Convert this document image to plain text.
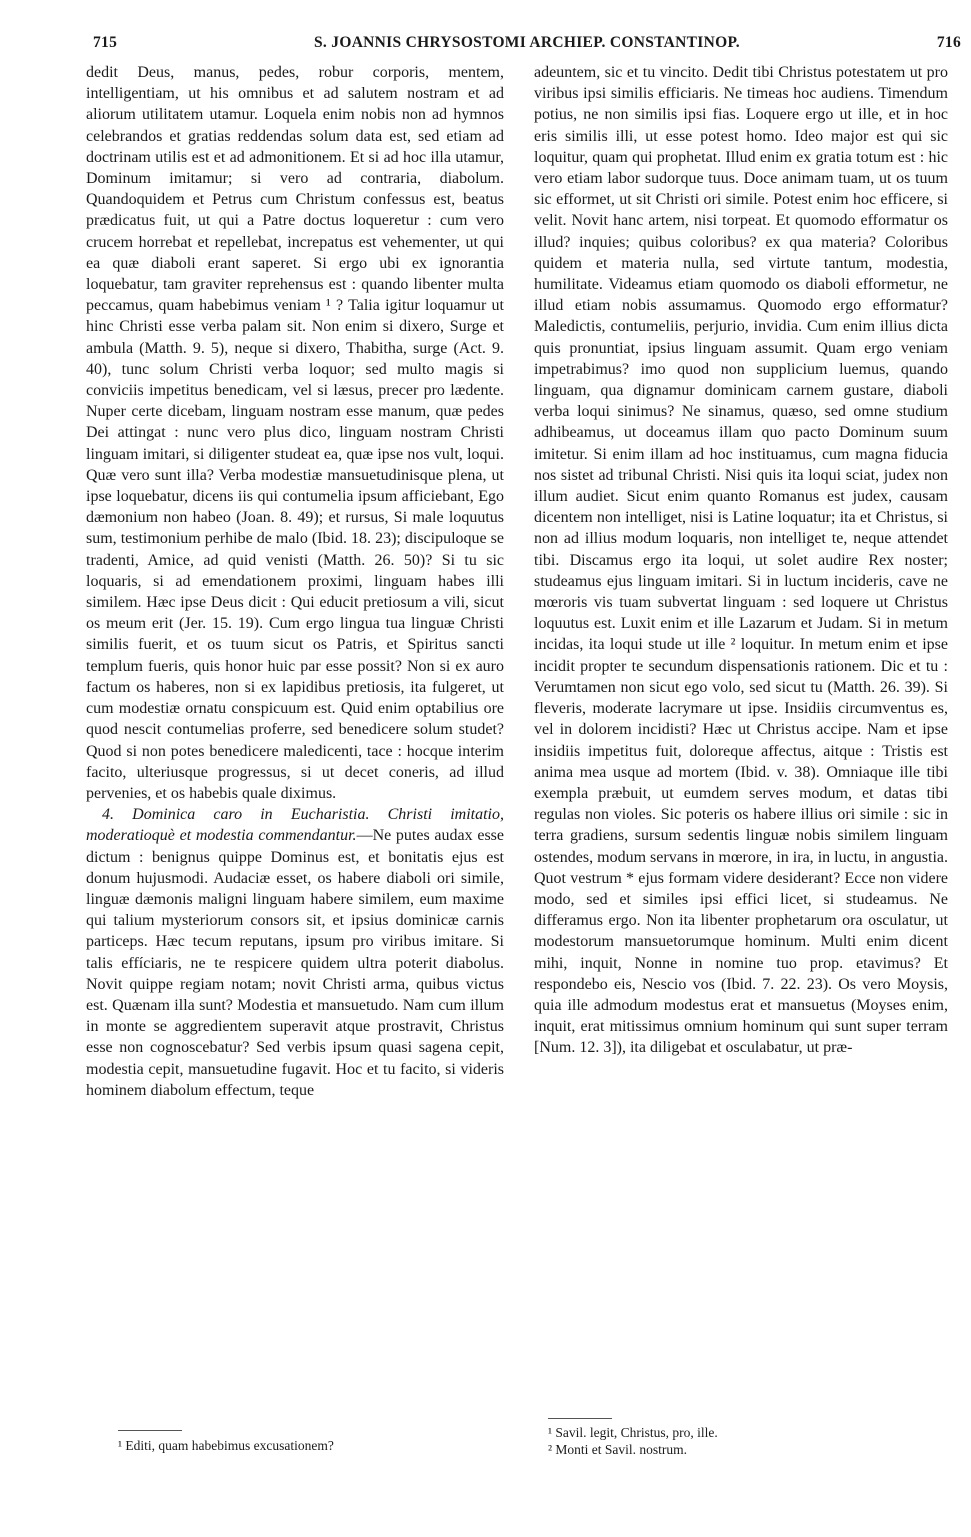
715	S. JOANNIS CHRYSOSTOMI ARCHIEP. CONSTANTINOP.	716

dedit Deus, manus, pedes, robur corporis, mentem, intelligentiam, ut his omnibus et ad salutem nostram et ad aliorum utilitatem utamur. Loquela enim nobis non ad hymnos celebrandos et gratias reddendas solum data est, sed etiam ad doctrinam utilis est et ad admonitionem. Et si ad hoc illa utamur, Dominum imitamur; si vero ad contraria, diabolum. Quandoquidem et Petrus cum Christum confessus est, beatus prædicatus fuit, ut qui a Patre doctus loqueretur : cum vero crucem horrebat et repellebat, increpatus est vehementer, ut qui ea quæ diaboli erant saperet. Si ergo ubi ex ignorantia loquebatur, tam graviter reprehensus est : quando libenter multa peccamus, quam habebimus veniam ¹ ? Talia igitur loquamur ut hinc Christi esse verba palam sit. Non enim si dixero, Surge et ambula (Matth. 9. 5), neque si dixero, Thabitha, surge (Act. 9. 40), tunc solum Christi verba loquor; sed multo magis si conviciis impetitus benedicam, vel si læsus, precer pro lædente. Nuper certe dicebam, linguam nostram esse manum, quæ pedes Dei attingat : nunc vero plus dico, linguam nostram Christi linguam imitari, si diligenter studeat ea, quæ ipse nos vult, loqui. Quæ vero sunt illa? Verba modestiæ mansuetudinisque plena, ut ipse loquebatur, dicens iis qui contumelia ipsum afficiebant, Ego dæmonium non habeo (Joan. 8. 49); et rursus, Si male loquutus sum, testimonium perhibe de malo (Ibid. 18. 23); discipuloque se tradenti, Amice, ad quid venisti (Matth. 26. 50)? Si tu sic loquaris, si ad emendationem proximi, linguam habes illi similem. Hæc ipse Deus dicit : Qui educit pretiosum a vili, sicut os meum erit (Jer. 15. 19). Cum ergo lingua tua linguæ Christi similis fuerit, et os tuum sicut os Patris, et Spiritus sancti templum fueris, quis honor huic par esse possit? Non si ex auro factum os haberes, non si ex lapidibus pretiosis, ita fulgeret, ut cum modestiæ ornatu conspicuum est. Quid enim optabilius ore quod nescit contumelias proferre, sed benedicere solum studet? Quod si non potes benedicere maledicenti, tace : hocque interim facito, ulteriusque progressus, si ut decet coneris, ad illud pervenies, et os habebis quale diximus.

4. Dominica caro in Eucharistia. Christi imitatio, moderatioquè et modestia commendantur.—Ne putes audax esse dictum : benignus quippe Dominus est, et bonitatis ejus est donum hujusmodi. Audaciæ esset, os habere diaboli ori simile, linguæ dæmonis maligni linguam habere similem, eum maxime qui talium mysteriorum consors sit, et ipsius dominicæ carnis particeps. Hæc tecum reputans, ipsum pro viribus imitare. Si talis effíciaris, ne te respicere quidem ultra poterit diabolus. Novit quippe regiam notam; novit Christi arma, quibus victus est. Quænam illa sunt? Modestia et mansuetudo. Nam cum illum in monte se aggredientem superavit atque prostravit, Christus esse non cognoscebatur? Sed verbis ipsum quasi sagena cepit, modestia cepit, mansuetudine fugavit. Hoc et tu facito, si videris hominem diabolum effectum, teque

adeuntem, sic et tu vincito. Dedit tibi Christus potestatem ut pro viribus ipsi similis efficiaris. Ne timeas hoc audiens. Timendum potius, ne non similis ipsi fias. Loquere ergo ut ille, et in hoc eris similis illi, ut esse potest homo. Ideo major est qui sic loquitur, quam qui prophetat. Illud enim ex gratia totum est : hic vero etiam labor sudorque tuus. Doce animam tuam, ut os tuum sic efformet, ut sit Christi ori simile. Potest enim hoc efficere, si velit. Novit hanc artem, nisi torpeat. Et quomodo efformatur os illud? inquies; quibus coloribus? ex qua materia? Coloribus quidem et materia nulla, sed virtute tantum, modestia, humilitate. Videamus etiam quomodo os diaboli efformetur, ne illud etiam nobis assumamus. Quomodo ergo efformatur? Maledictis, contumeliis, perjurio, invidia. Cum enim illius dicta quis pronuntiat, ipsius linguam assumit. Quam ergo veniam impetrabimus? imo quod non supplicium luemus, quando linguam, qua dignamur dominicam carnem gustare, diaboli verba loqui sinimus? Ne sinamus, quæso, sed omne studium adhibeamus, ut doceamus illam quo pacto Dominum suum imitetur. Si enim illam ad hoc instituamus, cum magna fiducia nos sistet ad tribunal Christi. Nisi quis ita loqui sciat, judex non illum audiet. Sicut enim quanto Romanus est judex, causam dicentem non intelliget, nisi is Latine loquatur; ita et Christus, si non ad illius modum loquaris, non intelliget te, neque attendet tibi. Discamus ergo ita loqui, ut solet audire Rex noster; studeamus ejus linguam imitari. Si in luctum incideris, cave ne mœroris vis tuam subvertat linguam : sed loquere ut Christus loquutus est. Luxit enim et ille Lazarum et Judam. Si in metum incidas, ita loqui stude ut ille ² loquitur. In metum enim et ipse incidit propter te secundum dispensationis rationem. Dic et tu : Verumtamen non sicut ego volo, sed sicut tu (Matth. 26. 39). Si fleveris, moderate lacrymare ut ipse. Insidiis circumventus es, vel in dolorem incidisti? Hæc ut Christus accipe. Nam et ipse insidiis impetitus fuit, doloreque affectus, aitque : Tristis est anima mea usque ad mortem (Ibid. v. 38). Omniaque ille tibi exempla præbuit, ut eumdem serves modum, et datas tibi regulas non violes. Sic poteris os habere illius ori simile : sic in terra gradiens, sursum sedentis linguæ nobis similem linguam ostendes, modum servans in mœrore, in ira, in luctu, in angustia. Quot vestrum * ejus formam videre desiderant? Ecce non videre modo, sed et similes ipsi effici licet, si studeamus. Ne differamus ergo. Non ita libenter prophetarum ora osculatur, ut modestorum mansuetorumque hominum. Multi enim dicent mihi, inquit, Nonne in nomine tuo prop. etavimus? Et respondebo eis, Nescio vos (Ibid. 7. 22. 23). Os vero Moysis, quia ille admodum modestus erat et mansuetus (Moyses enim, inquit, erat mitissimus omnium hominum qui sunt super terram [Num. 12. 3]), ita diligebat et osculabatur, ut præ-

¹ Editi, quam habebimus excusationem?
¹ Savil. legit, Christus, pro, ille.
² Monti et Savil. nostrum.
